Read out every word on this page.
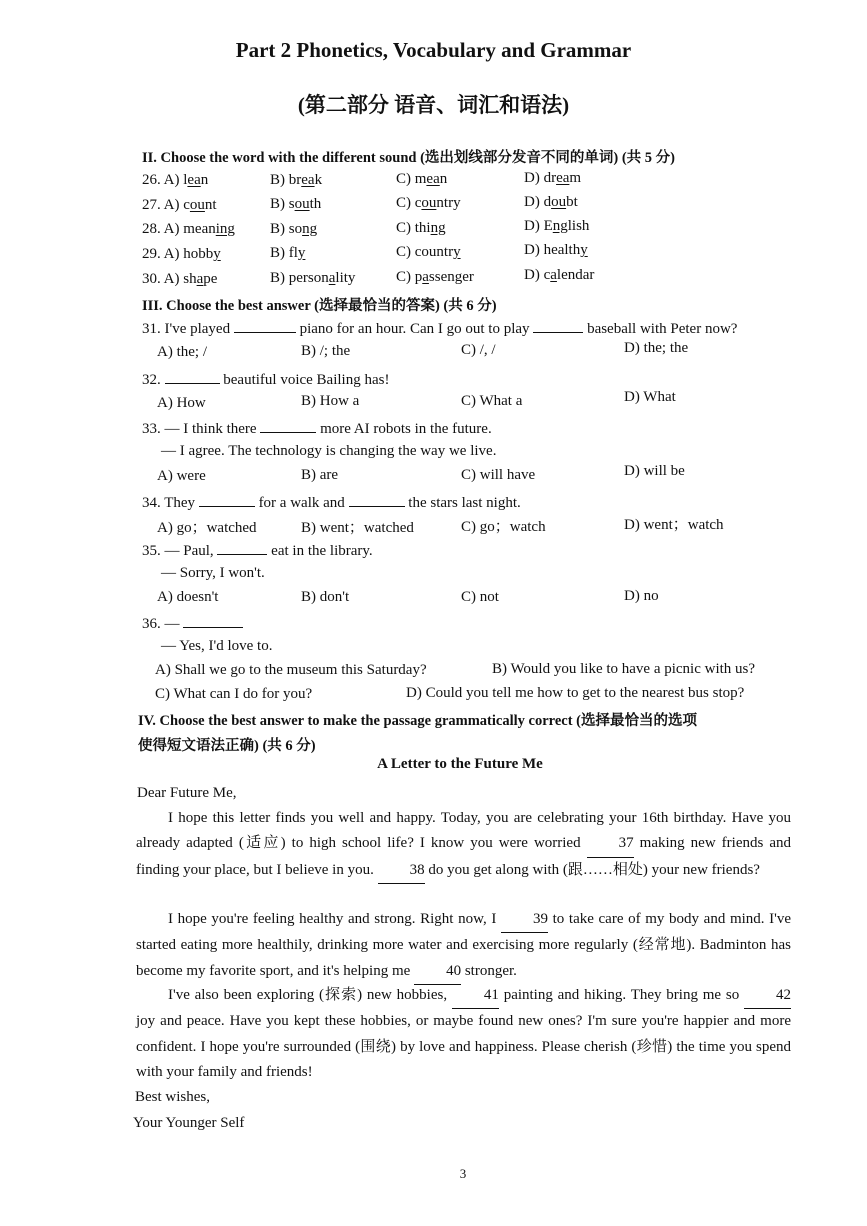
Part 2 Phonetics, Vocabulary and Grammar
(第二部分 语音、词汇和语法)
II. Choose the word with the different sound (选出划线部分发音不同的单词) (共 5 分)
26. A) lean	B) break	C) mean	D) dream
27. A) count	B) south	C) country	D) doubt
28. A) meaning B) song	C) thing	D) English
29. A) hobby	B) fly	C) country	D) healthy
30. A) shape	B) personality	C) passenger	D) calendar
III. Choose the best answer (选择最恰当的答案) (共 6 分)
31. I've played	piano for an hour. Can I go out to play	baseball with Peter now?
A) the; /	B) /; the	C) /, /	D) the; the
32.	beautiful voice Bailing has!
A) How	B) How a	C) What a	D) What
33. — I think there	more AI robots in the future.
— I agree. The technology is changing the way we live.
A) were	B) are	C) will have	D) will be
34. They	for a walk and	the stars last night.
A) go；watched	B) went；watched	C) go；watch	D) went；watch
35. — Paul,	eat in the library.
— Sorry, I won't.
A) doesn't	B) don't	C) not	D) no
36. —
— Yes, I'd love to.
A) Shall we go to the museum this Saturday?	B) Would you like to have a picnic with us?
C) What can I do for you?	D) Could you tell me how to get to the nearest bus stop?
IV. Choose the best answer to make the passage grammatically correct (选择最恰当的选项
使得短文语法正确) (共 6 分)
A Letter to the Future Me
Dear Future Me,
I hope this letter finds you well and happy. Today, you are celebrating your 16th birthday. Have you already adapted (适应) to high school life? I know you were worried	37 making new friends and finding your place, but I believe in you. 38 do you get along with (跟……相处) your new friends?
I hope you're feeling healthy and strong. Right now, I 39 to take care of my body and mind. I've started eating more healthily, drinking more water and exercising more regularly (经常地). Badminton has become my favorite sport, and it's helping me 40 stronger.
I've also been exploring (探索) new hobbies, 41 painting and hiking. They bring me so 42 joy and peace. Have you kept these hobbies, or maybe found new ones? I'm sure you're happier and more confident. I hope you're surrounded (围绕) by love and happiness. Please cherish (珍惜) the time you spend with your family and friends!
Best wishes,
Your Younger Self
3
